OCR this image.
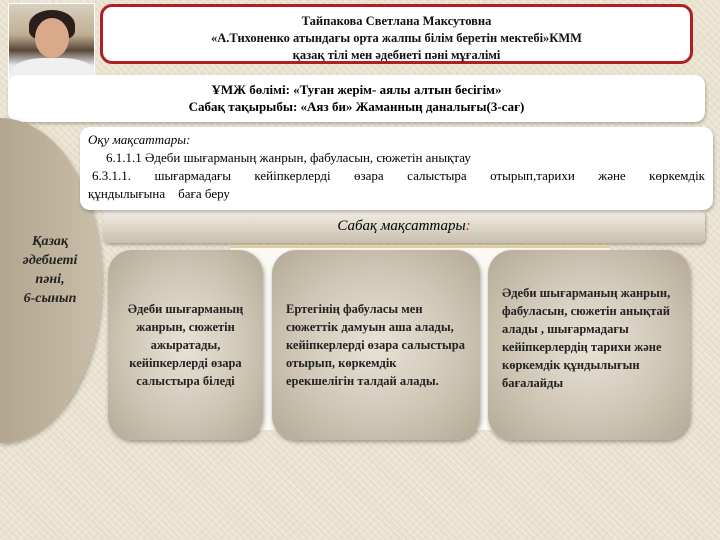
Тайпакова Светлана Максутовна
«А.Тихоненко атындағы орта жалпы білім беретін мектебі»КММ
қазақ тілі мен әдебиеті пәні мұғалімі
ҰМЖ бөлімі: «Туған жерім- аялы алтын бесігім»
Сабақ тақырыбы: «Аяз би» Жаманның даналығы(3-сағ)
Қазақ
әдебиеті
пәні,
6-сынып
Оқу мақсаттары:
6.1.1.1 Әдеби шығарманың жанрын, фабуласын, сюжетін анықтау
6.3.1.1. шығармадағы кейіпкерлерді өзара салыстыра отырып,тарихи және көркемдік
құндылығына    баға беру
Сабақ мақсаттары:
Әдеби шығарманың жанрын, сюжетін ажыратады, кейіпкерлерді өзара салыстыра біледі
Ертегінің фабуласы мен сюжеттік дамуын аша алады, кейіпкерлерді өзара салыстыра отырып, көркемдік ерекшелігін талдай алады.
Әдеби шығарманың жанрын, фабуласын, сюжетін анықтай алады , шығармадағы кейіпкерлердің тарихи және көркемдік құндылығын бағалайды
